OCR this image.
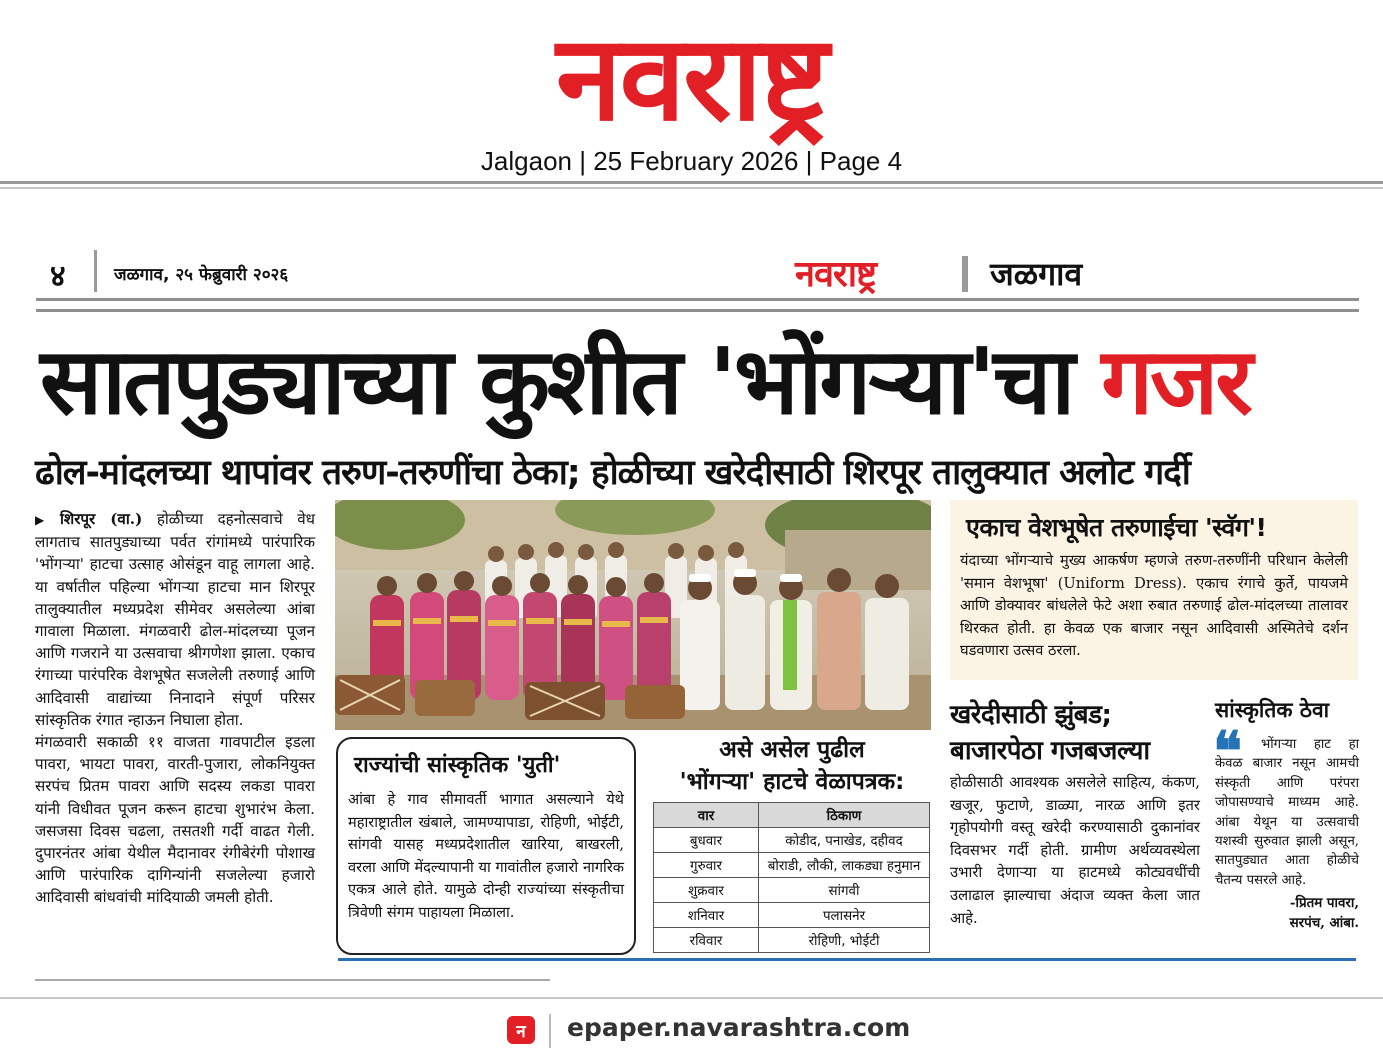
नवराष्ट्र
Jalgaon | 25 February 2026 | Page 4
४	जळगाव, २५ फेब्रुवारी २०२६	नवराष्ट्र	जळगाव
सातपुड्याच्या कुशीत 'भोंगऱ्या'चा गजर
ढोल-मांदलच्या थापांवर तरुण-तरुणींचा ठेका; होळीच्या खरेदीसाठी शिरपूर तालुक्यात अलोट गर्दी

▶ शिरपूर (वा.) होळीच्या दहनोत्सवाचे वेध लागताच सातपुड्याच्या पर्वत रांगांमध्ये पारंपारिक 'भोंगऱ्या' हाटचा उत्साह ओसंडून वाहू लागला आहे. या वर्षातील पहिल्या भोंगऱ्या हाटचा मान शिरपूर तालुक्यातील मध्यप्रदेश सीमेवर असलेल्या आंबा गावाला मिळाला. मंगळवारी ढोल-मांदलच्या पूजन आणि गजराने या उत्सवाचा श्रीगणेशा झाला. एकाच रंगाच्या पारंपरिक वेशभूषेत सजलेली तरुणाई आणि आदिवासी वाद्यांच्या निनादाने संपूर्ण परिसर सांस्कृतिक रंगात न्हाऊन निघाला होता.

मंगळवारी सकाळी ११ वाजता गावपाटील इडला पावरा, भायटा पावरा, वारती-पुजारा, लोकनियुक्त सरपंच प्रितम पावरा आणि सदस्य लकडा पावरा यांनी विधीवत पूजन करून हाटचा शुभारंभ केला. जसजसा दिवस चढला, तसतशी गर्दी वाढत गेली. दुपारनंतर आंबा येथील मैदानावर रंगीबेरंगी पोशाख आणि पारंपारिक दागिन्यांनी सजलेल्या हजारो आदिवासी बांधवांची मांदियाळी जमली होती.

राज्यांची सांस्कृतिक 'युती'

आंबा हे गाव सीमावर्ती भागात असल्याने येथे महाराष्ट्रातील खंबाले, जामण्यापाडा, रोहिणी, भोईटी, सांगवी यासह मध्यप्रदेशातील खारिया, बाखरली, वरला आणि मेंदल्यापानी या गावांतील हजारो नागरिक एकत्र आले होते. यामुळे दोन्ही राज्यांच्या संस्कृतीचा त्रिवेणी संगम पाहायला मिळाला.

असे असेल पुढील
'भोंगऱ्या' हाटचे वेळापत्रक:
वार	ठिकाण
बुधवार	कोडीद, पनाखेड, दहीवद
गुरुवार	बोराडी, लौकी, लाकड्या हनुमान
शुक्रवार	सांगवी
शनिवार	पलासनेर
रविवार	रोहिणी, भोईटी
एकाच वेशभूषेत तरुणाईचा 'स्वॅग'!

यंदाच्या भोंगऱ्याचे मुख्य आकर्षण म्हणजे तरुण-तरुणींनी परिधान केलेली 'समान वेशभूषा' (Uniform Dress). एकाच रंगाचे कुर्ते, पायजमे आणि डोक्यावर बांधलेले फेटे अशा रुबात तरुणाई ढोल-मांदलच्या तालावर थिरकत होती. हा केवळ एक बाजार नसून आदिवासी अस्मितेचे दर्शन घडवणारा उत्सव ठरला.

खरेदीसाठी झुंबड; बाजारपेठा गजबजल्या

होळीसाठी आवश्यक असलेले साहित्य, कंकण, खजूर, फुटाणे, डाळ्या, नारळ आणि इतर गृहोपयोगी वस्तू खरेदी करण्यासाठी दुकानांवर दिवसभर गर्दी होती. ग्रामीण अर्थव्यवस्थेला उभारी देणाऱ्या या हाटमध्ये कोट्यवधींची उलाढाल झाल्याचा अंदाज व्यक्त केला जात आहे.

सांस्कृतिक ठेवा
❝	भोंगऱ्या हाट हा केवळ बाजार नसून आमची संस्कृती आणि परंपरा जोपासण्याचे माध्यम आहे. आंबा येथून या उत्सवाची यशस्वी सुरुवात झाली असून, सातपुड्यात आता होळीचे चैतन्य पसरले आहे.

-प्रितम पावरा,
सरपंच, आंबा.
न epaper.navarashtra.com
